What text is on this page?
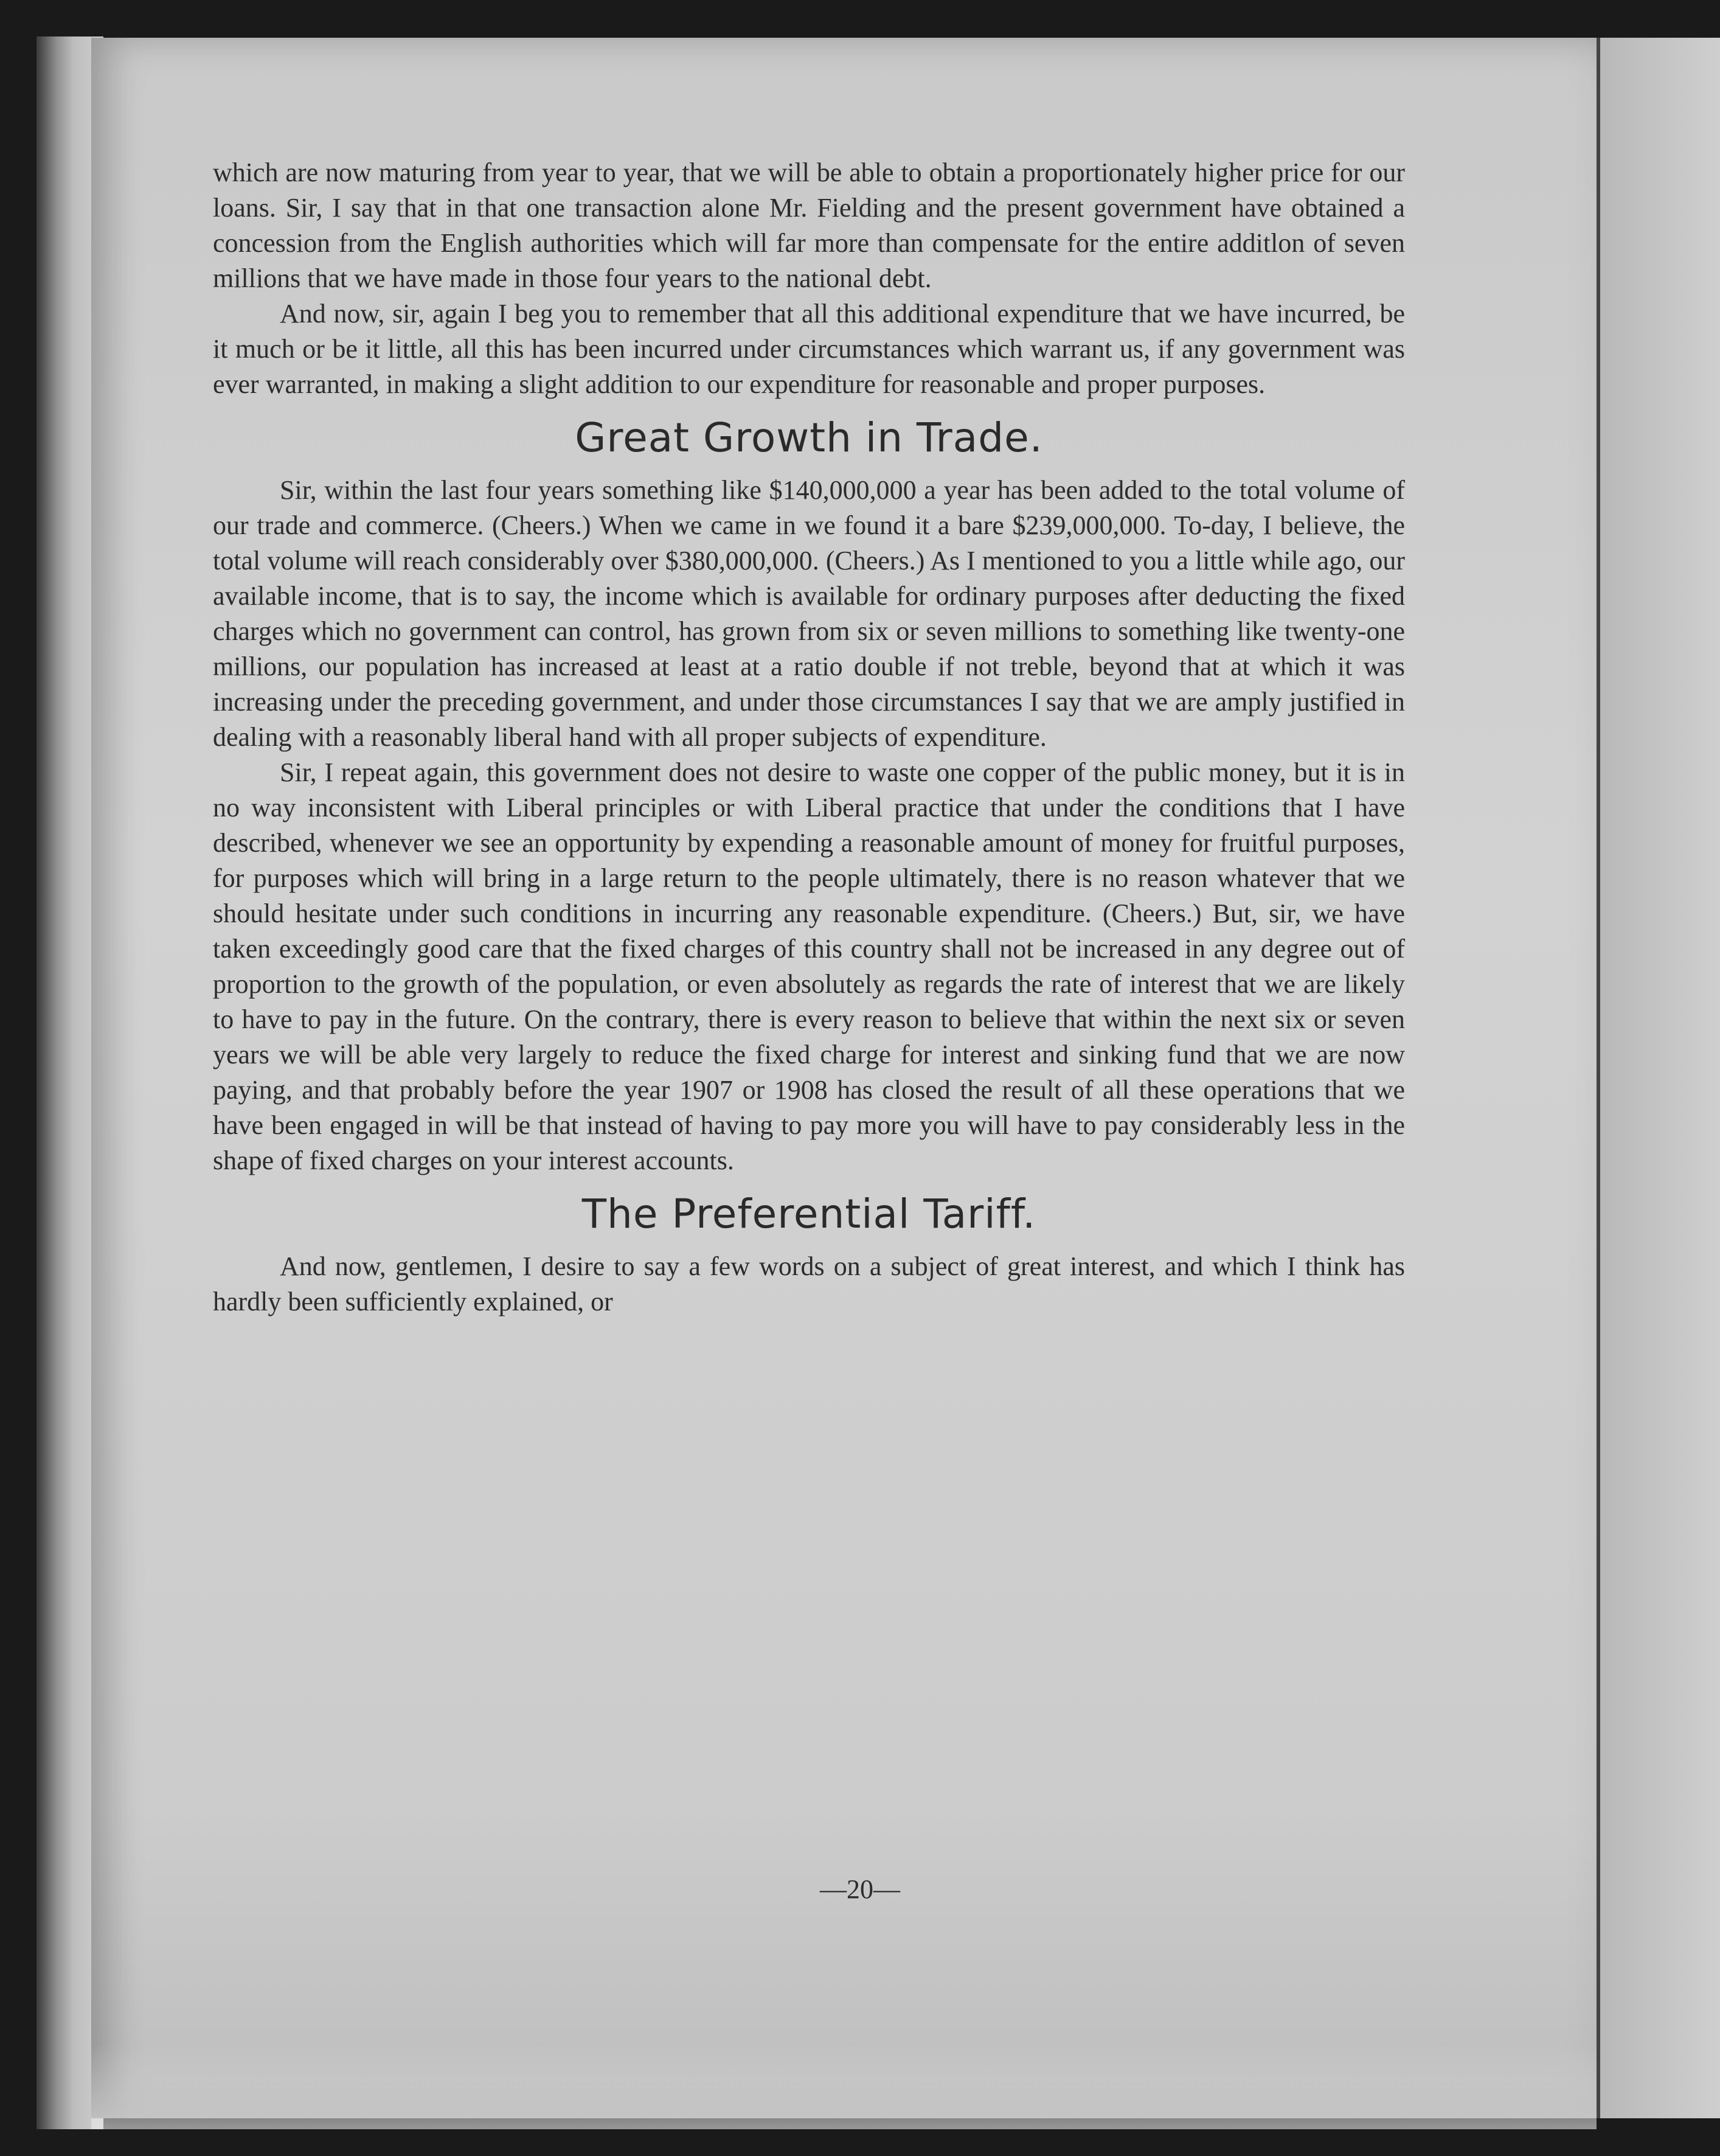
which are now maturing from year to year, that we will be able to obtain a proportionately higher price for our loans. Sir, I say that in that one transaction alone Mr. Fielding and the present government have obtained a concession from the English authorities which will far more than compensate for the entire additlon of seven millions that we have made in those four years to the national debt.

And now, sir, again I beg you to remember that all this additional expenditure that we have incurred, be it much or be it little, all this has been incurred under circumstances which warrant us, if any government was ever warranted, in making a slight addition to our expenditure for reasonable and proper purposes.

Great Growth in Trade.

Sir, within the last four years something like $140,000,000 a year has been added to the total volume of our trade and commerce. (Cheers.) When we came in we found it a bare $239,000,000. To-day, I believe, the total volume will reach considerably over $380,000,000. (Cheers.) As I mentioned to you a little while ago, our available income, that is to say, the income which is available for ordinary purposes after deducting the fixed charges which no government can control, has grown from six or seven millions to something like twenty-one millions, our population has increased at least at a ratio double if not treble, beyond that at which it was increasing under the preceding government, and under those circumstances I say that we are amply justified in dealing with a reasonably liberal hand with all proper subjects of expenditure.

Sir, I repeat again, this government does not desire to waste one copper of the public money, but it is in no way inconsistent with Liberal principles or with Liberal practice that under the conditions that I have described, whenever we see an opportunity by expending a reasonable amount of money for fruitful purposes, for purposes which will bring in a large return to the people ultimately, there is no reason whatever that we should hesitate under such conditions in incurring any reasonable expenditure. (Cheers.) But, sir, we have taken exceedingly good care that the fixed charges of this country shall not be increased in any degree out of proportion to the growth of the population, or even absolutely as regards the rate of interest that we are likely to have to pay in the future. On the contrary, there is every reason to believe that within the next six or seven years we will be able very largely to reduce the fixed charge for interest and sinking fund that we are now paying, and that probably before the year 1907 or 1908 has closed the result of all these operations that we have been engaged in will be that instead of having to pay more you will have to pay considerably less in the shape of fixed charges on your interest accounts.

The Preferential Tariff.

And now, gentlemen, I desire to say a few words on a subject of great interest, and which I think has hardly been sufficiently explained, or

—20—
